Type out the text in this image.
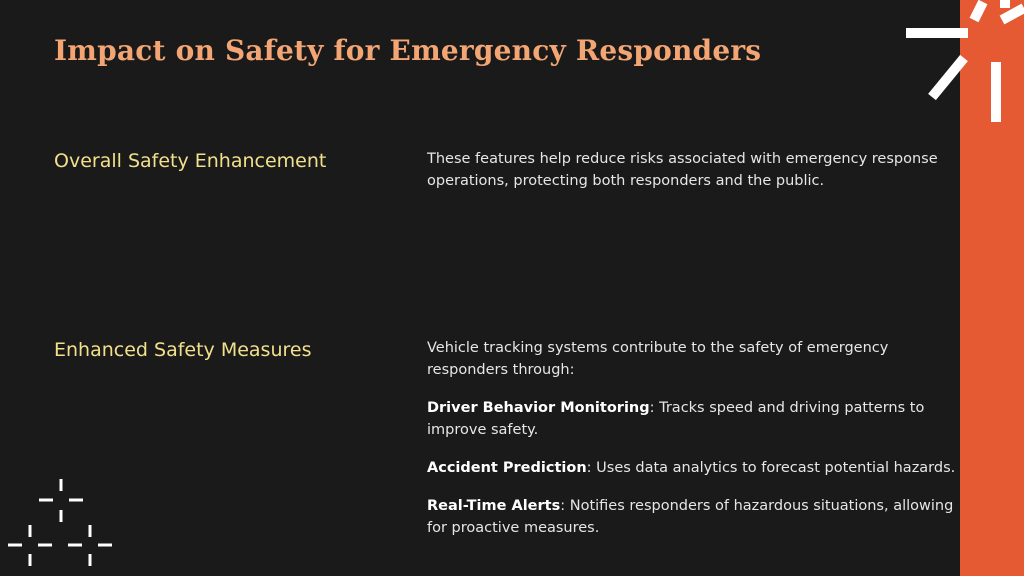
Impact on Safety for Emergency Responders
Overall Safety Enhancement	These features help reduce risks associated with emergency response operations, protecting both responders and the public.

Enhanced Safety Measures	Vehicle tracking systems contribute to the safety of emergency responders through:

Driver Behavior Monitoring: Tracks speed and driving patterns to improve safety.

Accident Prediction: Uses data analytics to forecast potential hazards.

Real-Time Alerts: Notifies responders of hazardous situations, allowing for proactive measures.
